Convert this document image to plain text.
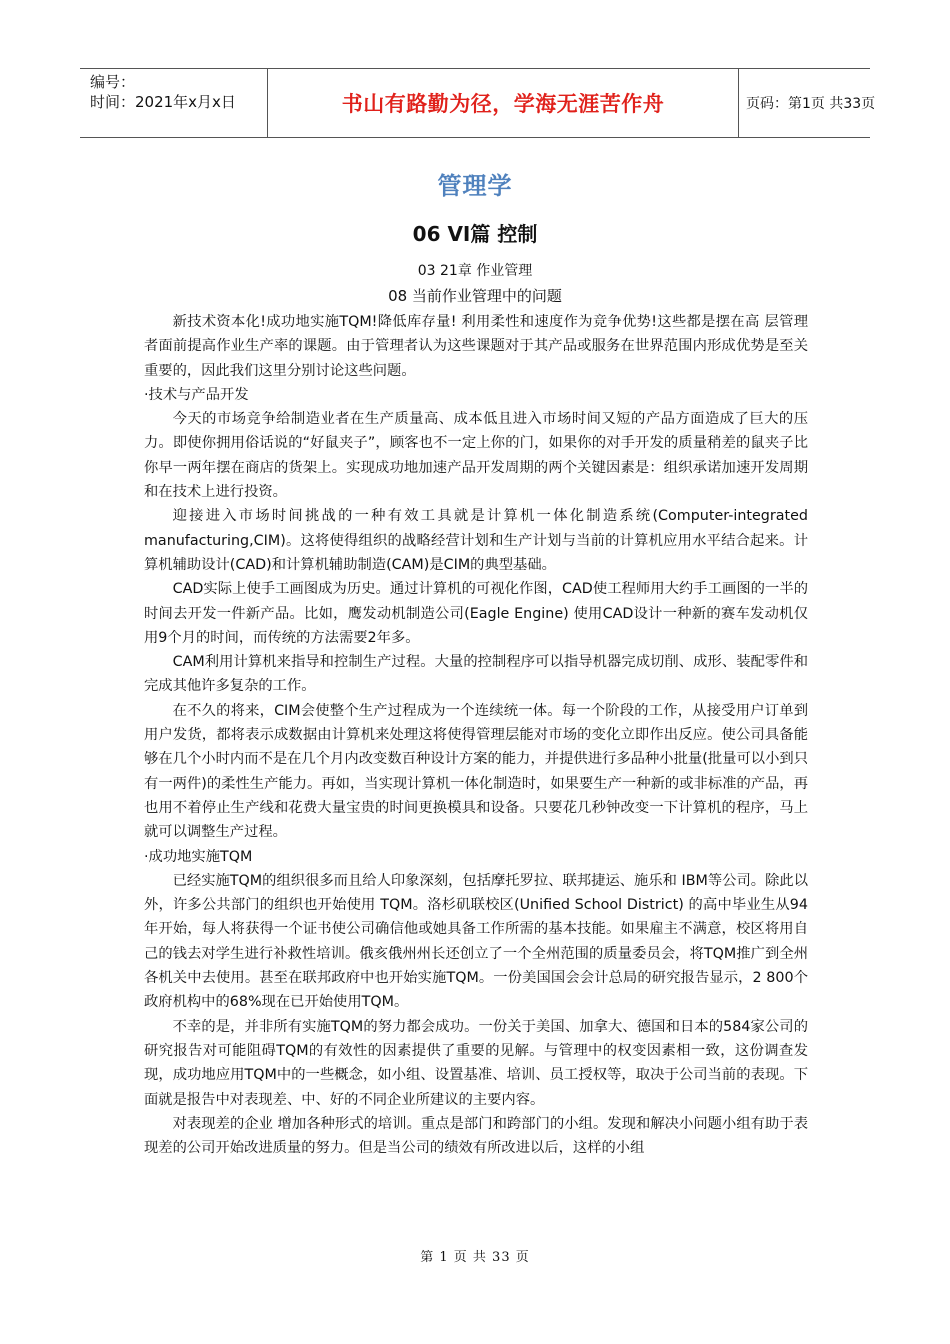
编号：
时间：2021年x月x日	书山有路勤为径，学海无涯苦作舟	页码：第1页 共33页
管理学
06 VI篇 控制
03 21章 作业管理
08 当前作业管理中的问题

新技术资本化!成功地实施TQM!降低库存量! 利用柔性和速度作为竞争优势!这些都是摆在高 层管理者面前提高作业生产率的课题。由于管理者认为这些课题对于其产品或服务在世界范围内形成优势是至关重要的，因此我们这里分别讨论这些问题。

·技术与产品开发

今天的市场竞争给制造业者在生产质量高、成本低且进入市场时间又短的产品方面造成了巨大的压力。即使你拥用俗话说的“好鼠夹子”，顾客也不一定上你的门，如果你的对手开发的质量稍差的鼠夹子比你早一两年摆在商店的货架上。实现成功地加速产品开发周期的两个关键因素是：组织承诺加速开发周期和在技术上进行投资。

迎接进入市场时间挑战的一种有效工具就是计算机一体化制造系统(Computer-integrated manufacturing,CIM)。这将使得组织的战略经营计划和生产计划与当前的计算机应用水平结合起来。计算机辅助设计(CAD)和计算机辅助制造(CAM)是CIM的典型基础。

CAD实际上使手工画图成为历史。通过计算机的可视化作图，CAD使工程师用大约手工画图的一半的时间去开发一件新产品。比如，鹰发动机制造公司(Eagle Engine) 使用CAD设计一种新的赛车发动机仅用9个月的时间，而传统的方法需要2年多。

CAM利用计算机来指导和控制生产过程。大量的控制程序可以指导机器完成切削、成形、装配零件和完成其他许多复杂的工作。

在不久的将来，CIM会使整个生产过程成为一个连续统一体。每一个阶段的工作，从接受用户订单到用户发货，都将表示成数据由计算机来处理这将使得管理层能对市场的变化立即作出反应。使公司具备能够在几个小时内而不是在几个月内改变数百种设计方案的能力，并提供进行多品种小批量(批量可以小到只有一两件)的柔性生产能力。再如，当实现计算机一体化制造时，如果要生产一种新的或非标准的产品，再也用不着停止生产线和花费大量宝贵的时间更换模具和设备。只要花几秒钟改变一下计算机的程序，马上就可以调整生产过程。

·成功地实施TQM

已经实施TQM的组织很多而且给人印象深刻，包括摩托罗拉、联邦捷运、施乐和 IBM等公司。除此以外，许多公共部门的组织也开始使用 TQM。洛杉矶联校区(Unified School District) 的高中毕业生从94年开始，每人将获得一个证书使公司确信他或她具备工作所需的基本技能。如果雇主不满意，校区将用自己的钱去对学生进行补救性培训。俄亥俄州州长还创立了一个全州范围的质量委员会，将TQM推广到全州各机关中去使用。甚至在联邦政府中也开始实施TQM。一份美国国会会计总局的研究报告显示，2 800个政府机构中的68%现在已开始使用TQM。

不幸的是，并非所有实施TQM的努力都会成功。一份关于美国、加拿大、德国和日本的584家公司的研究报告对可能阻碍TQM的有效性的因素提供了重要的见解。与管理中的权变因素相一致，这份调查发现，成功地应用TQM中的一些概念，如小组、设置基准、培训、员工授权等，取决于公司当前的表现。下面就是报告中对表现差、中、好的不同企业所建议的主要内容。

对表现差的企业 增加各种形式的培训。重点是部门和跨部门的小组。发现和解决小问题小组有助于表现差的公司开始改进质量的努力。但是当公司的绩效有所改进以后，这样的小组

第 1 页 共 33 页
